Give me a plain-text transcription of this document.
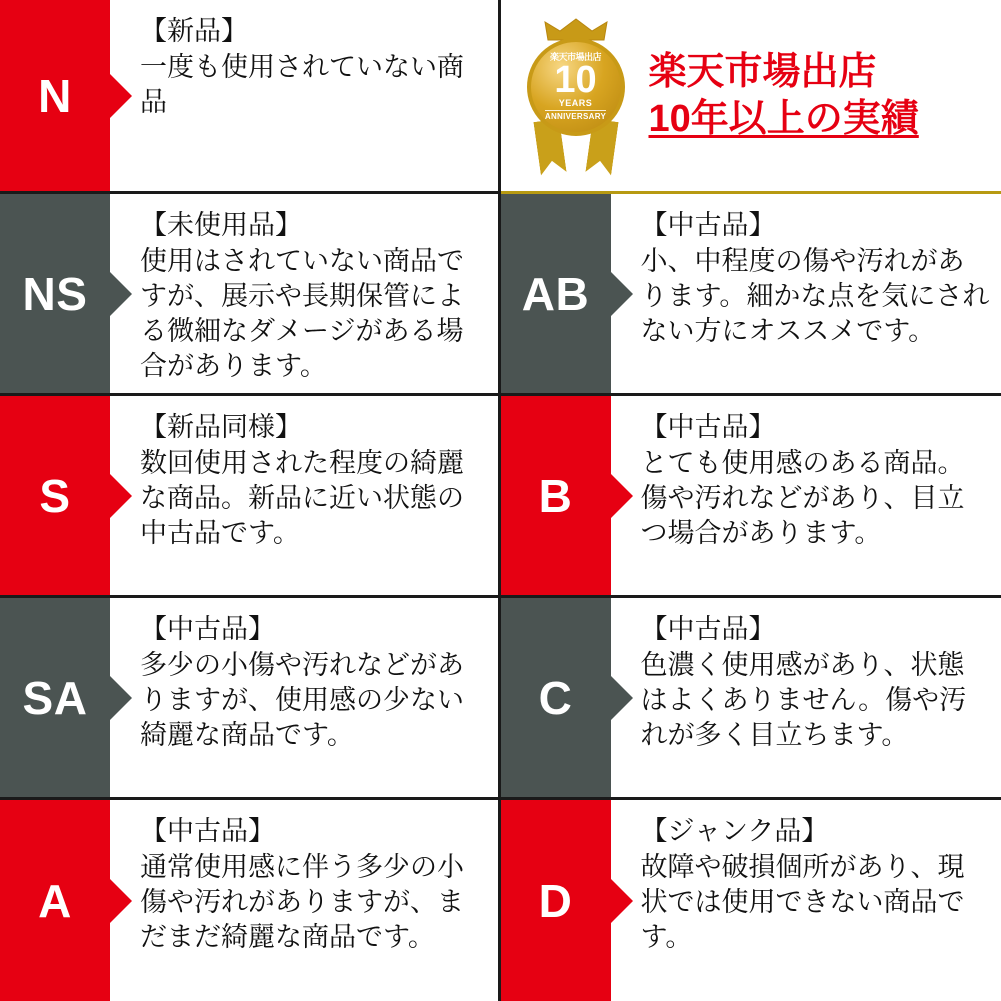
N
【新品】
一度も使用されていない商品
楽天市場出店
10
YEARS
ANNIVERSARY
楽天市場出店
10年以上の実績
NS
【未使用品】
使用はされていない商品ですが、展示や長期保管による微細なダメージがある場合があります。
AB
【中古品】
小、中程度の傷や汚れがあります。細かな点を気にされない方にオススメです。
S
【新品同様】
数回使用された程度の綺麗な商品。新品に近い状態の中古品です。
B
【中古品】
とても使用感のある商品。傷や汚れなどがあり、目立つ場合があります。
SA
【中古品】
多少の小傷や汚れなどがありますが、使用感の少ない綺麗な商品です。
C
【中古品】
色濃く使用感があり、状態はよくありません。傷や汚れが多く目立ちます。
A
【中古品】
通常使用感に伴う多少の小傷や汚れがありますが、まだまだ綺麗な商品です。
D
【ジャンク品】
故障や破損個所があり、現状では使用できない商品です。
